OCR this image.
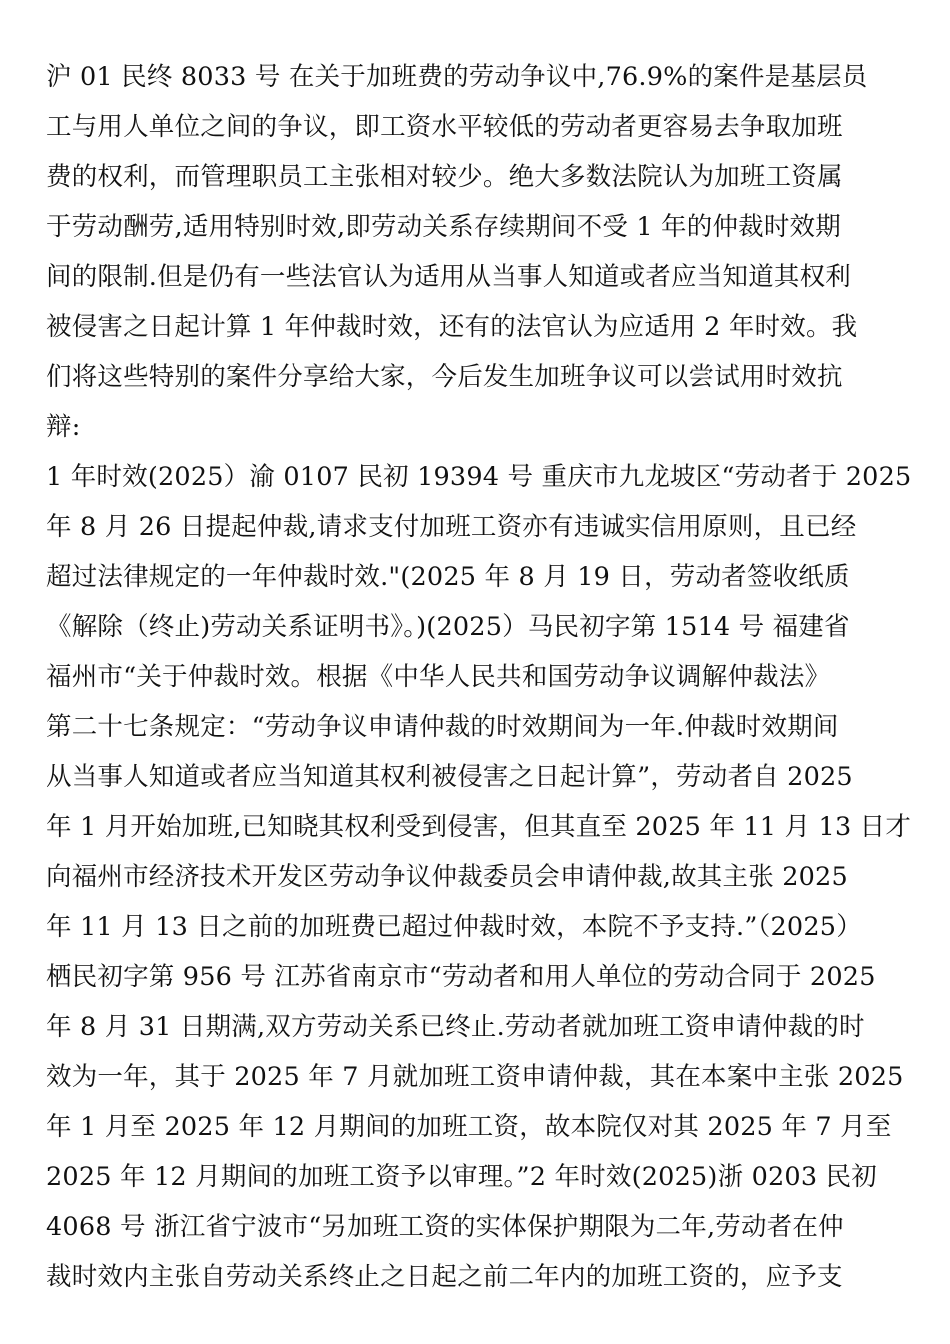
沪 01 民终 8033 号 在关于加班费的劳动争议中,76.9%的案件是基层员
工与用人单位之间的争议，即工资水平较低的劳动者更容易去争取加班
费的权利，而管理职员工主张相对较少。绝大多数法院认为加班工资属
于劳动酬劳,适用特别时效,即劳动关系存续期间不受 1 年的仲裁时效期
间的限制.但是仍有一些法官认为适用从当事人知道或者应当知道其权利
被侵害之日起计算 1 年仲裁时效，还有的法官认为应适用 2 年时效。我
们将这些特别的案件分享给大家，今后发生加班争议可以尝试用时效抗
辩:
1 年时效(2025）渝 0107 民初 19394 号 重庆市九龙坡区“劳动者于 2025
年 8 月 26 日提起仲裁,请求支付加班工资亦有违诚实信用原则，且已经
超过法律规定的一年仲裁时效."(2025 年 8 月 19 日，劳动者签收纸质
《解除（终止)劳动关系证明书》。)(2025）马民初字第 1514 号 福建省
福州市“关于仲裁时效。根据《中华人民共和国劳动争议调解仲裁法》
第二十七条规定：“劳动争议申请仲裁的时效期间为一年.仲裁时效期间
从当事人知道或者应当知道其权利被侵害之日起计算”，劳动者自 2025
年 1 月开始加班,已知晓其权利受到侵害，但其直至 2025 年 11 月 13 日才
向福州市经济技术开发区劳动争议仲裁委员会申请仲裁,故其主张 2025
年 11 月 13 日之前的加班费已超过仲裁时效，本院不予支持.”（2025）
栖民初字第 956 号 江苏省南京市“劳动者和用人单位的劳动合同于 2025
年 8 月 31 日期满,双方劳动关系已终止.劳动者就加班工资申请仲裁的时
效为一年，其于 2025 年 7 月就加班工资申请仲裁，其在本案中主张 2025
年 1 月至 2025 年 12 月期间的加班工资，故本院仅对其 2025 年 7 月至
2025 年 12 月期间的加班工资予以审理。”2 年时效(2025)浙 0203 民初
4068 号 浙江省宁波市“另加班工资的实体保护期限为二年,劳动者在仲
裁时效内主张自劳动关系终止之日起之前二年内的加班工资的，应予支
